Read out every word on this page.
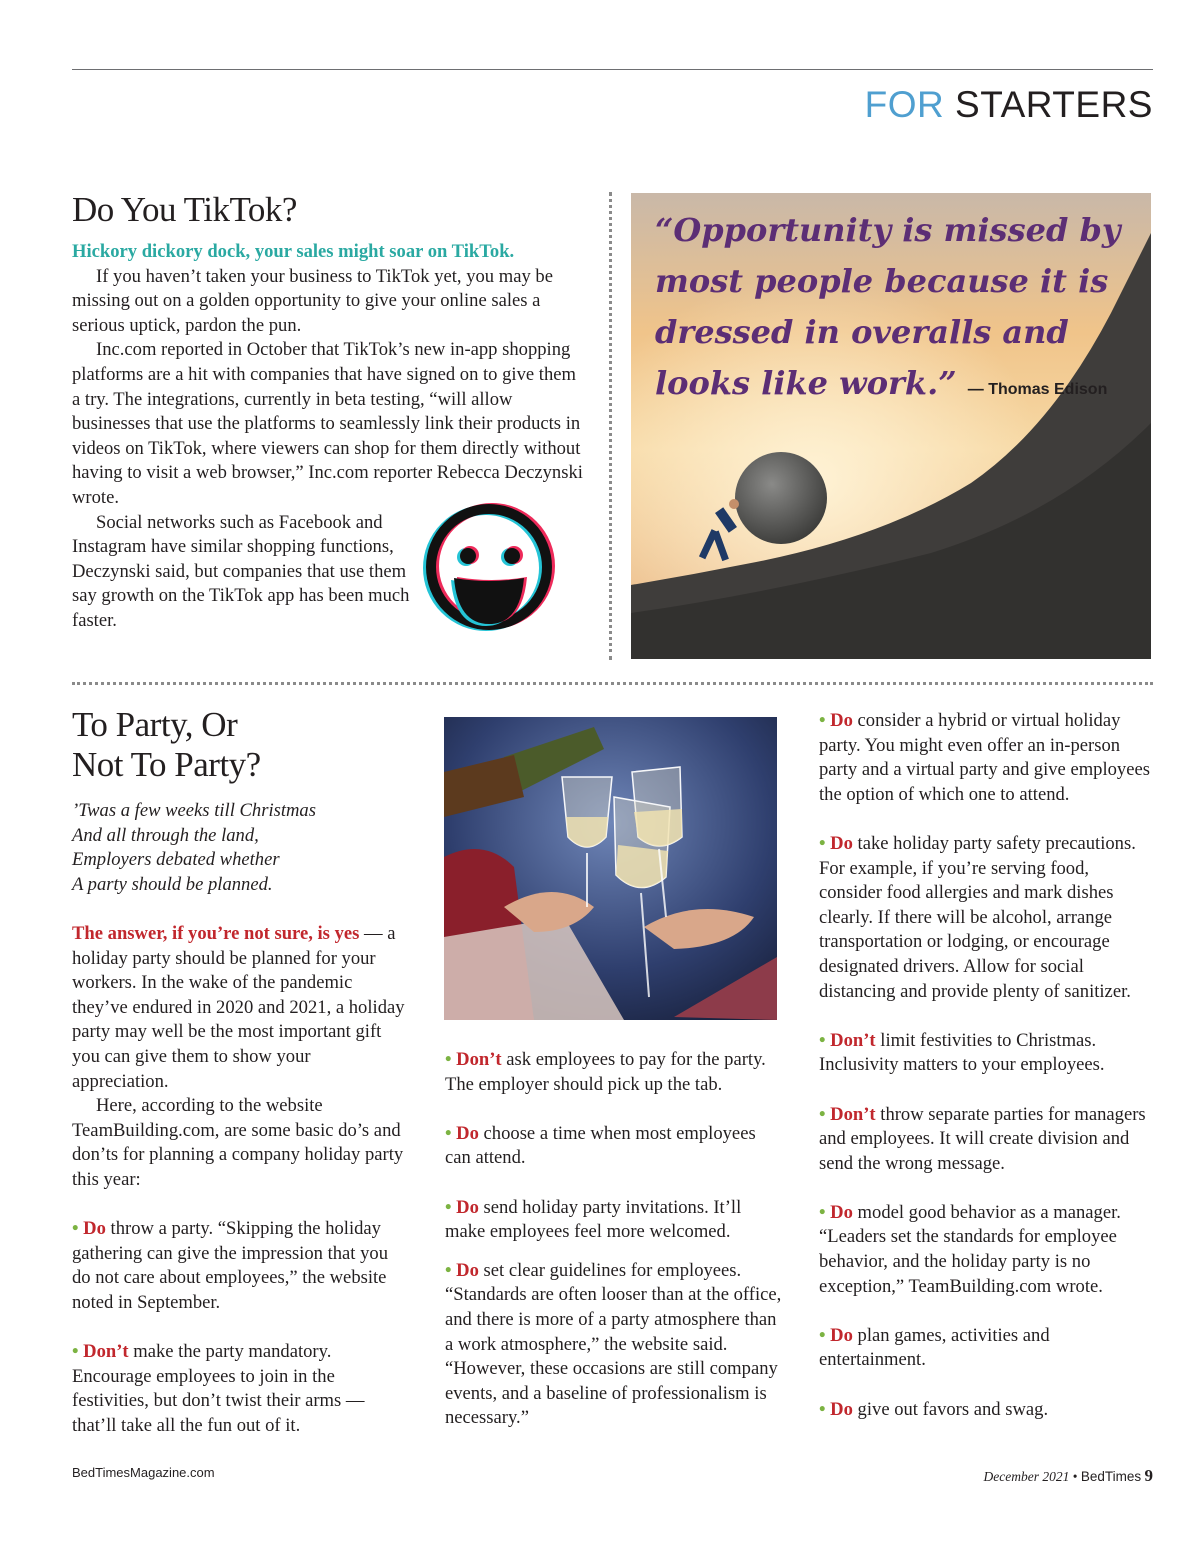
FOR STARTERS
Do You TikTok?

Hickory dickory dock, your sales might soar on TikTok.

If you haven’t taken your business to TikTok yet, you may be missing out on a golden opportunity to give your online sales a serious uptick, pardon the pun.

Inc.com reported in October that TikTok’s new in-app shopping platforms are a hit with companies that have signed on to give them a try. The integrations, currently in beta testing, “will allow businesses that use the platforms to seamlessly link their products in videos on TikTok, where viewers can shop for them directly without having to visit a web browser,” Inc.com reporter Rebecca Deczynski wrote.

Social networks such as Facebook and Instagram have similar shopping functions, Deczynski said, but companies that use them say growth on the TikTok app has been much faster.

“Opportunity is missed by most people because it is dressed in overalls and looks like work.” — Thomas Edison
To Party, Or
Not To Party?
’Twas a few weeks till Christmas
And all through the land,
Employers debated whether
A party should be planned.

The answer, if you’re not sure, is yes — a holiday party should be planned for your workers. In the wake of the pandemic they’ve endured in 2020 and 2021, a holiday party may well be the most important gift you can give them to show your appreciation.

Here, according to the website TeamBuilding.com, are some basic do’s and don’ts for planning a company holiday party this year:

• Do throw a party. “Skipping the holiday gathering can give the impression that you do not care about employees,” the website noted in September.

• Don’t make the party mandatory. Encourage employees to join in the festivities, but don’t twist their arms — that’ll take all the fun out of it.

• Don’t ask employees to pay for the party. The employer should pick up the tab.

• Do choose a time when most employees can attend.

• Do send holiday party invitations. It’ll make employees feel more welcomed.

• Do set clear guidelines for employees. “Standards are often looser than at the office, and there is more of a party atmosphere than a work atmosphere,” the website said. “However, these occasions are still company events, and a baseline of professionalism is necessary.”

• Do consider a hybrid or virtual holiday party. You might even offer an in-person party and a virtual party and give employees the option of which one to attend.

• Do take holiday party safety precautions. For example, if you’re serving food, consider food allergies and mark dishes clearly. If there will be alcohol, arrange transportation or lodging, or encourage designated drivers. Allow for social distancing and provide plenty of sanitizer.

• Don’t limit festivities to Christmas. Inclusivity matters to your employees.

• Don’t throw separate parties for managers and employees. It will create division and send the wrong message.

• Do model good behavior as a manager. “Leaders set the standards for employee behavior, and the holiday party is no exception,” TeamBuilding.com wrote.

• Do plan games, activities and entertainment.

• Do give out favors and swag.

BedTimesMagazine.com	December 2021 • BedTimes 9
